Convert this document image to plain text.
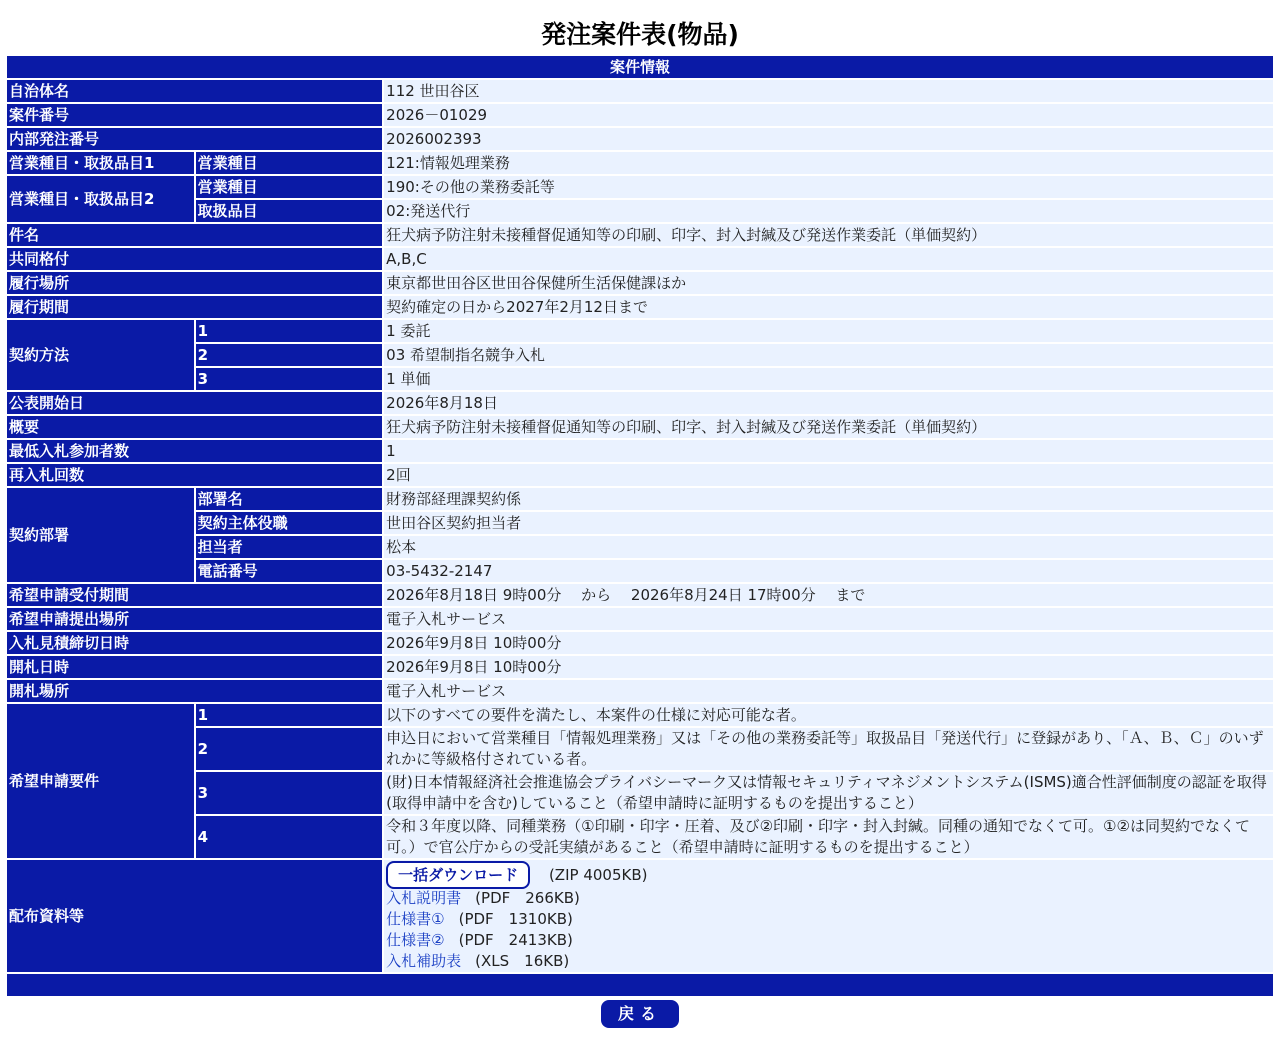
発注案件表(物品)
案件情報		
自治体名		112 世田谷区
案件番号		2026－01029
内部発注番号		2026002393
営業種目・取扱品目1	営業種目	121:情報処理業務
営業種目・取扱品目2	営業種目	190:その他の業務委託等
	取扱品目	02:発送代行
件名		狂犬病予防注射未接種督促通知等の印刷、印字、封入封緘及び発送作業委託（単価契約）
共同格付		A,B,C
履行場所		東京都世田谷区世田谷保健所生活保健課ほか
履行期間		契約確定の日から2027年2月12日まで
契約方法	1	1 委託
	2	03 希望制指名競争入札
	3	1 単価
公表開始日		2026年8月18日
概要		狂犬病予防注射未接種督促通知等の印刷、印字、封入封緘及び発送作業委託（単価契約）
最低入札参加者数		1
再入札回数		2回
契約部署	部署名	財務部経理課契約係
	契約主体役職	世田谷区契約担当者
	担当者	松本
	電話番号	03-5432-2147
希望申請受付期間		2026年8月18日 9時00分　 から　 2026年8月24日 17時00分　 まで
希望申請提出場所		電子入札サービス
入札見積締切日時		2026年9月8日 10時00分
開札日時		2026年9月8日 10時00分
開札場所		電子入札サービス
希望申請要件	1	以下のすべての要件を満たし、本案件の仕様に対応可能な者。
	2	申込日において営業種目「情報処理業務」又は「その他の業務委託等」取扱品目「発送代行」に登録があり、「Ａ、Ｂ、Ｃ」のいずれかに等級格付されている者。
	3	(財)日本情報経済社会推進協会プライバシーマーク又は情報セキュリティマネジメントシステム(ISMS)適合性評価制度の認証を取得(取得申請中を含む)していること（希望申請時に証明するものを提出すること）
	4	令和３年度以降、同種業務（①印刷・印字・圧着、及び②印刷・印字・封入封緘。同種の通知でなくて可。①②は同契約でなくて可。）で官公庁からの受託実績があること（希望申請時に証明するものを提出すること）
配布資料等		一括ダウンロード (ZIP 4005KB)
入札説明書 (PDF　266KB)
仕様書① (PDF　1310KB)
仕様書② (PDF　2413KB)
入札補助表 (XLS　16KB)

戻る
